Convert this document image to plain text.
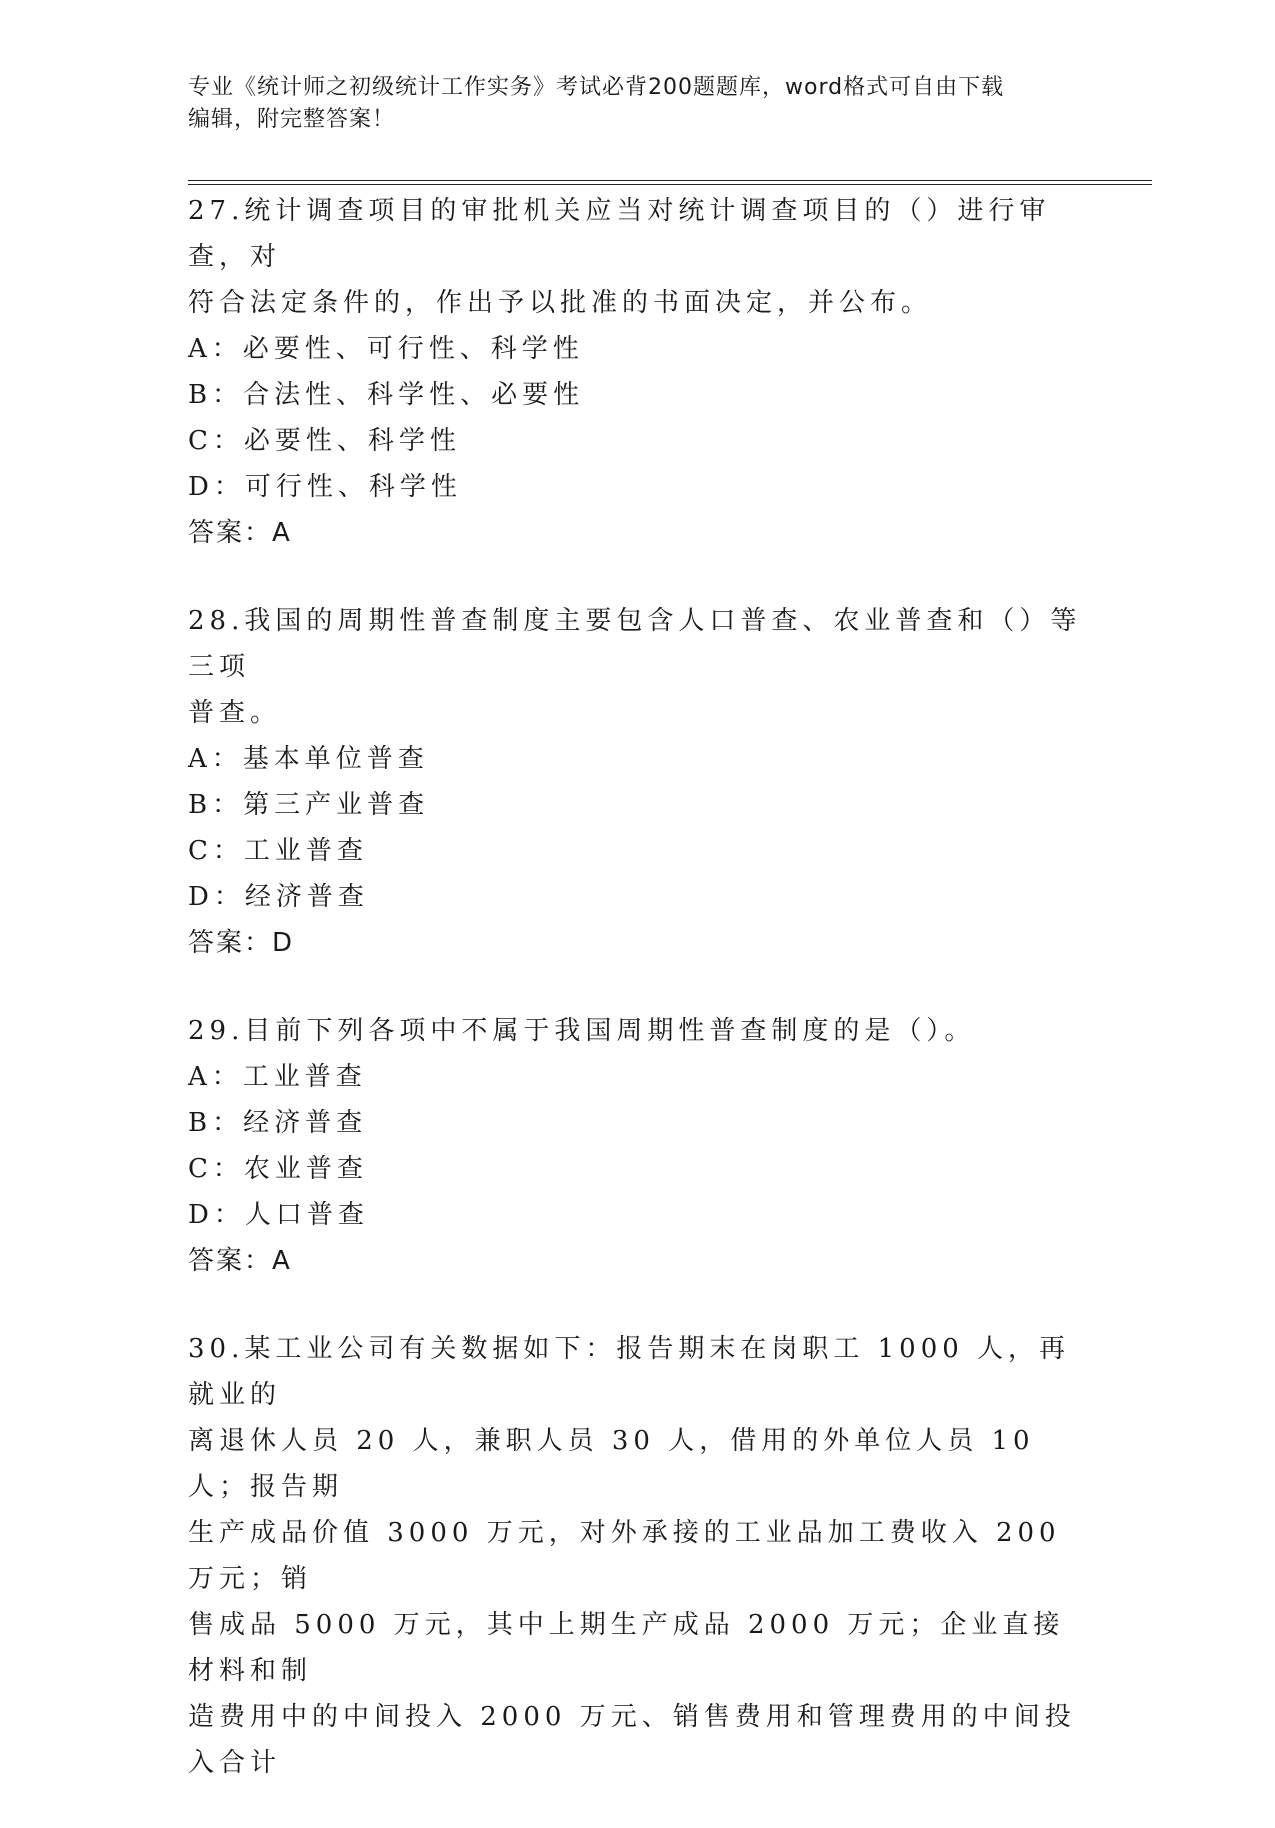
专业《统计师之初级统计工作实务》考试必背200题题库，word格式可自由下载
编辑，附完整答案！
27.统计调查项目的审批机关应当对统计调查项目的（）进行审查，对
符合法定条件的，作出予以批准的书面决定，并公布。
A：必要性、可行性、科学性
B：合法性、科学性、必要性
C：必要性、科学性
D：可行性、科学性
答案：A
28.我国的周期性普查制度主要包含人口普查、农业普查和（）等三项
普查。
A：基本单位普查
B：第三产业普查
C：工业普查
D：经济普查
答案：D
29.目前下列各项中不属于我国周期性普查制度的是（）。
A：工业普查
B：经济普查
C：农业普查
D：人口普查
答案：A
30.某工业公司有关数据如下：报告期末在岗职工 1000 人，再就业的
离退休人员 20 人，兼职人员 30 人，借用的外单位人员 10 人；报告期
生产成品价值 3000 万元，对外承接的工业品加工费收入 200 万元；销
售成品 5000 万元，其中上期生产成品 2000 万元；企业直接材料和制
造费用中的中间投入 2000 万元、销售费用和管理费用的中间投入合计
